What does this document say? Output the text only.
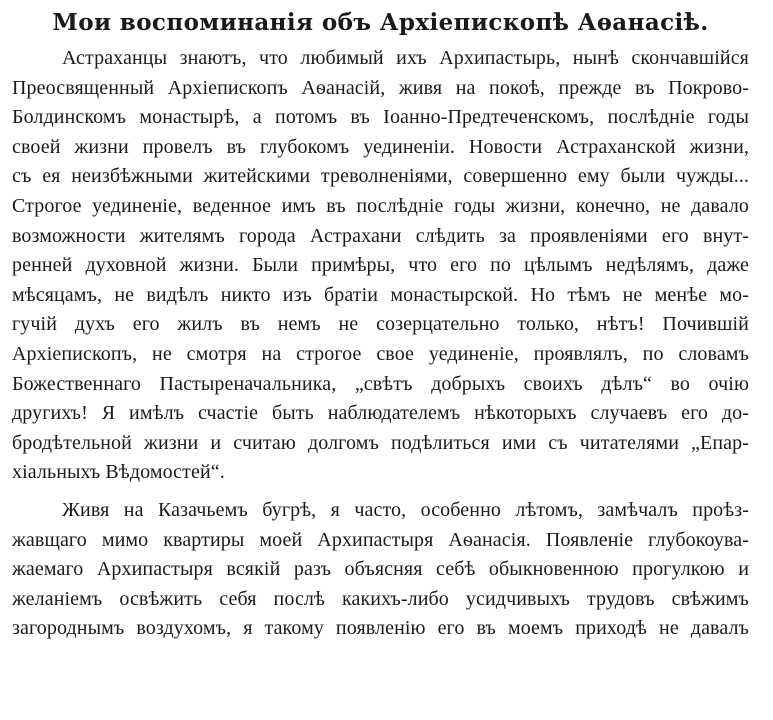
Мои воспоминанія объ Архіепископѣ Аѳанасіѣ.
Астраханцы знаютъ, что любимый ихъ Архипастырь, нынѣ скончавшійся
Преосвященный Архіепископъ Аѳанасій, живя на покоѣ, прежде въ Покрово-
Болдинскомъ монастырѣ, а потомъ въ Іоанно-Предтеченскомъ, послѣдніе годы
своей жизни провелъ въ глубокомъ уединеніи. Новости Астраханской жизни,
съ ея неизбѣжными житейскими треволненіями, совершенно ему были чужды...
Строгое уединеніе, веденное имъ въ послѣдніе годы жизни, конечно, не давало
возможности жителямъ города Астрахани слѣдить за проявленіями его внут-
ренней духовной жизни. Были примѣры, что его по цѣлымъ недѣлямъ, даже
мѣсяцамъ, не видѣлъ никто изъ братіи монастырской. Но тѣмъ не менѣе мо-
гучій духъ его жилъ въ немъ не созерцательно только, нѣтъ! Почившій
Архіепископъ, не смотря на строгое свое уединеніе, проявлялъ, по словамъ
Божественнаго Пастыреначальника, „свѣтъ добрыхъ своихъ дѣлъ“ во очію
другихъ! Я имѣлъ счастіе быть наблюдателемъ нѣкоторыхъ случаевъ его до-
бродѣтельной жизни и считаю долгомъ подѣлиться ими съ читателями „Епар-
хіальныхъ Вѣдомостей“.
Живя на Казачьемъ бугрѣ, я часто, особенно лѣтомъ, замѣчалъ проѣз-
жавщаго мимо квартиры моей Архипастыря Аѳанасія. Появленіе глубокоува-
жаемаго Архипастыря всякій разъ объясняя себѣ обыкновенною прогулкою и
желаніемъ освѣжить себя послѣ какихъ-либо усидчивыхъ трудовъ свѣжимъ
загороднымъ воздухомъ, я такому появленію его въ моемъ приходѣ не давалъ
